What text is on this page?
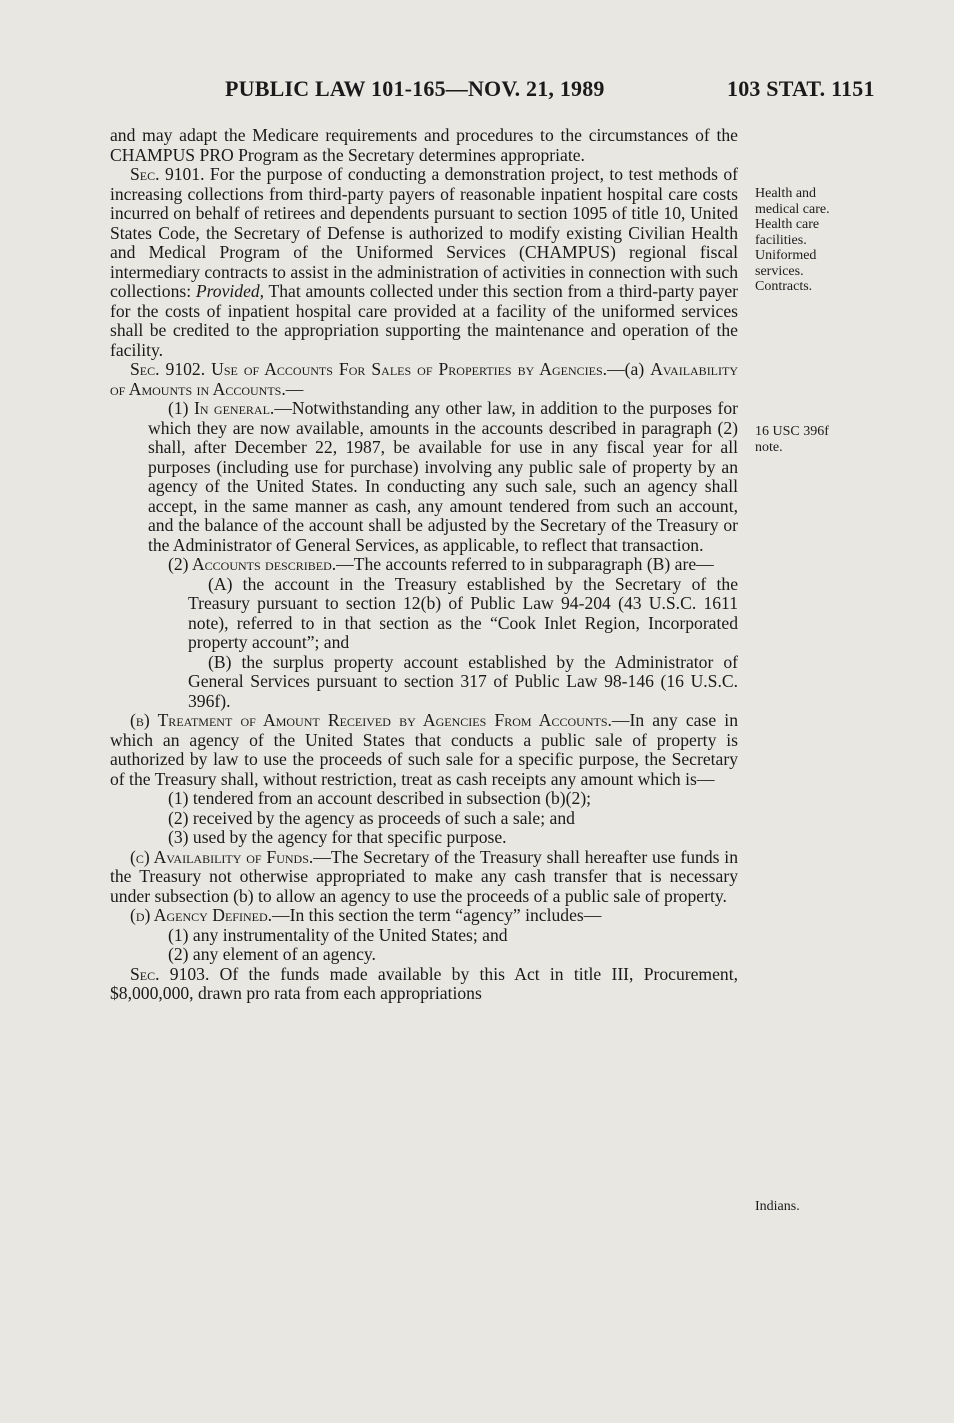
PUBLIC LAW 101-165—NOV. 21, 1989	103 STAT. 1151

and may adapt the Medicare requirements and procedures to the circumstances of the CHAMPUS PRO Program as the Secretary determines appropriate.

Sec. 9101. For the purpose of conducting a demonstration project, to test methods of increasing collections from third-party payers of reasonable inpatient hospital care costs incurred on behalf of retirees and dependents pursuant to section 1095 of title 10, United States Code, the Secretary of Defense is authorized to modify existing Civilian Health and Medical Program of the Uniformed Services (CHAMPUS) regional fiscal intermediary contracts to assist in the administration of activities in connection with such collections: Provided, That amounts collected under this section from a third-party payer for the costs of inpatient hospital care provided at a facility of the uniformed services shall be credited to the appropriation supporting the maintenance and operation of the facility.

Sec. 9102. Use of Accounts For Sales of Properties by Agencies.—(a) Availability of Amounts in Accounts.—

(1) In general.—Notwithstanding any other law, in addition to the purposes for which they are now available, amounts in the accounts described in paragraph (2) shall, after December 22, 1987, be available for use in any fiscal year for all purposes (including use for purchase) involving any public sale of property by an agency of the United States. In conducting any such sale, such an agency shall accept, in the same manner as cash, any amount tendered from such an account, and the balance of the account shall be adjusted by the Secretary of the Treasury or the Administrator of General Services, as applicable, to reflect that transaction.

(2) Accounts described.—The accounts referred to in subparagraph (B) are—

(A) the account in the Treasury established by the Secretary of the Treasury pursuant to section 12(b) of Public Law 94-204 (43 U.S.C. 1611 note), referred to in that section as the “Cook Inlet Region, Incorporated property account”; and

(B) the surplus property account established by the Administrator of General Services pursuant to section 317 of Public Law 98-146 (16 U.S.C. 396f).

(b) Treatment of Amount Received by Agencies From Accounts.—In any case in which an agency of the United States that conducts a public sale of property is authorized by law to use the proceeds of such sale for a specific purpose, the Secretary of the Treasury shall, without restriction, treat as cash receipts any amount which is—

(1) tendered from an account described in subsection (b)(2);

(2) received by the agency as proceeds of such a sale; and

(3) used by the agency for that specific purpose.

(c) Availability of Funds.—The Secretary of the Treasury shall hereafter use funds in the Treasury not otherwise appropriated to make any cash transfer that is necessary under subsection (b) to allow an agency to use the proceeds of a public sale of property.

(d) Agency Defined.—In this section the term “agency” includes—

(1) any instrumentality of the United States; and

(2) any element of an agency.

Sec. 9103. Of the funds made available by this Act in title III, Procurement, $8,000,000, drawn pro rata from each appropriations

Health and
medical care.
Health care
facilities.
Uniformed
services.
Contracts.
16 USC 396f
note.
Indians.
